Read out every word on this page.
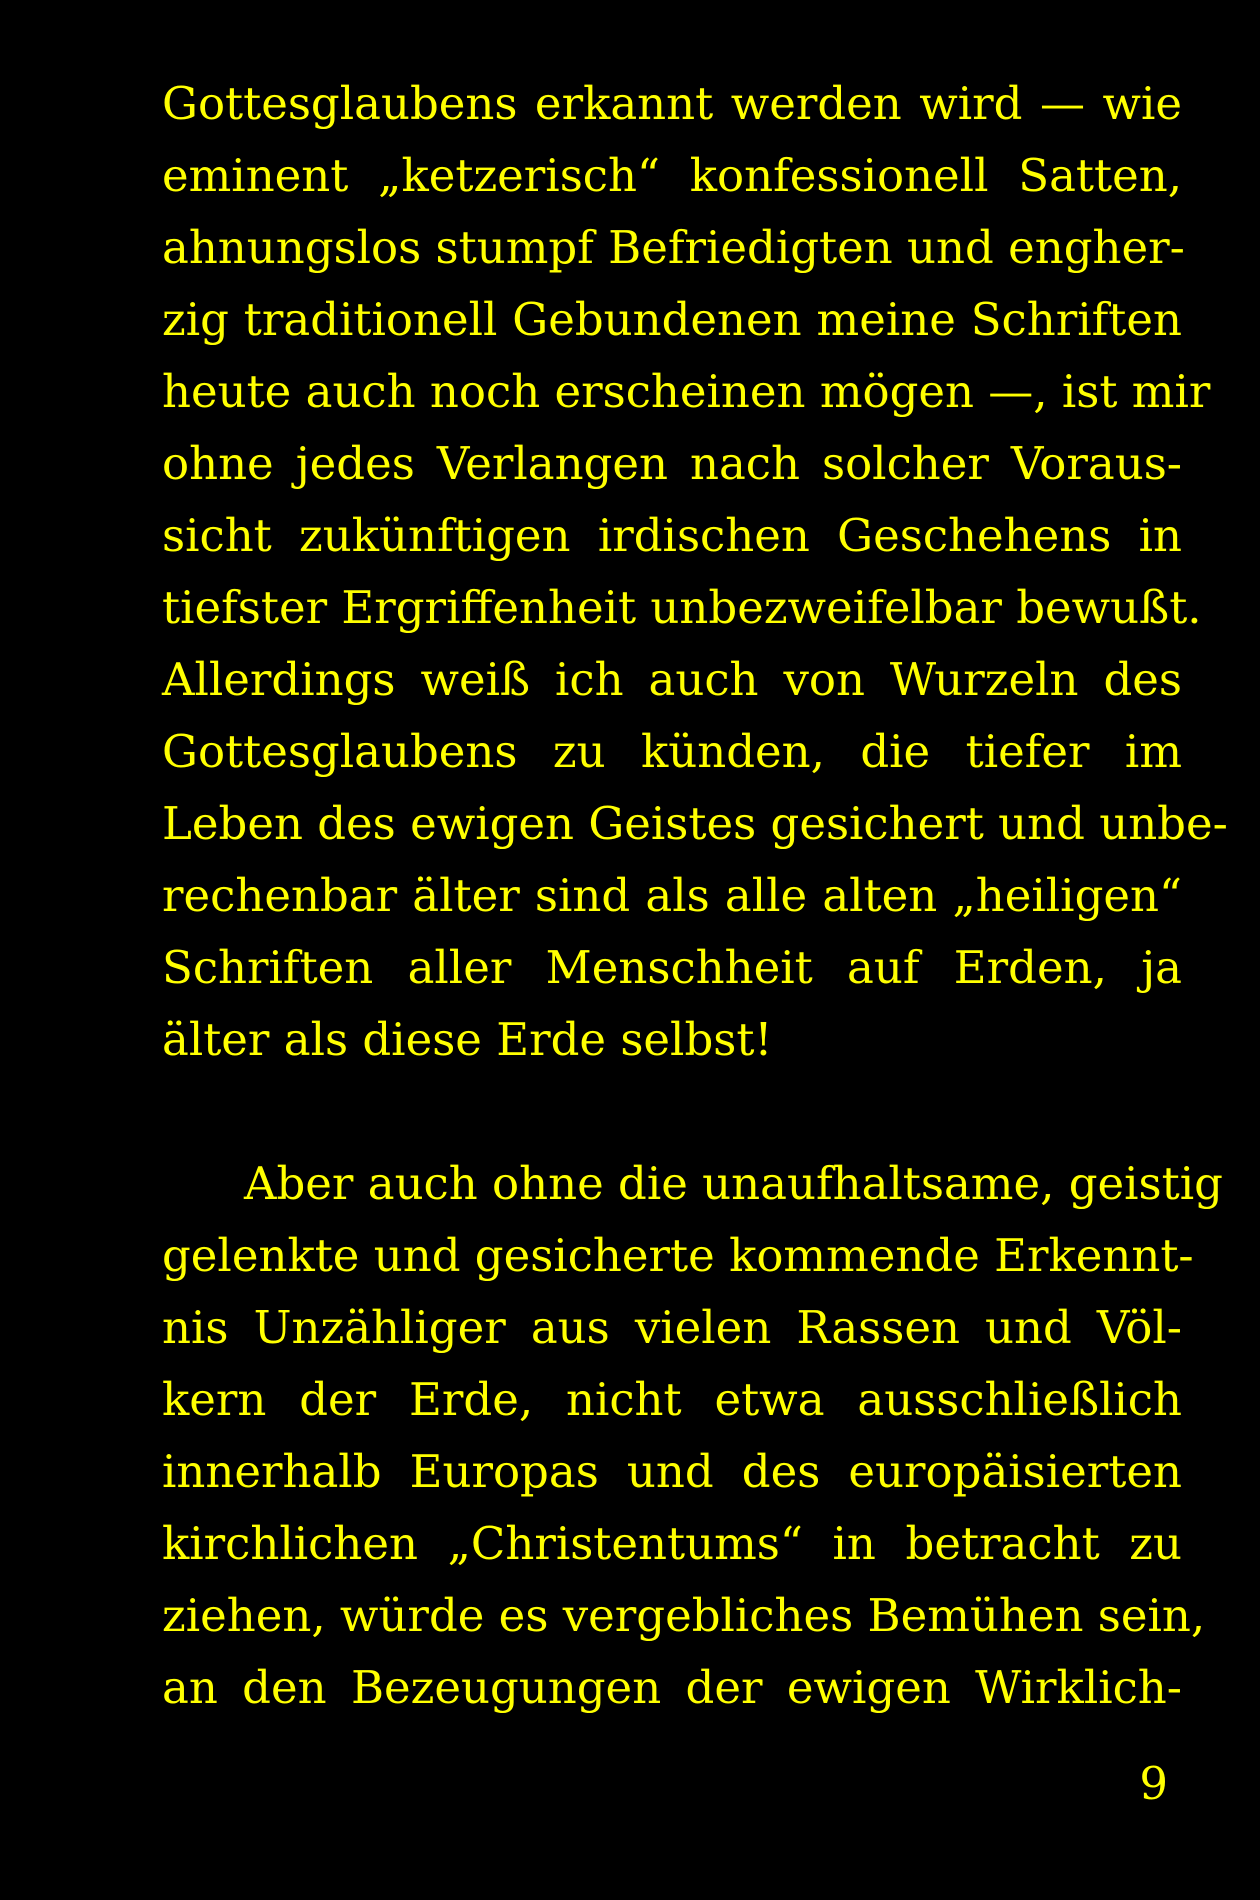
Gottesglaubens erkannt werden wird — wie
eminent „ketzerisch“ konfessionell Satten,
ahnungslos stumpf Befriedigten und engher-
zig traditionell Gebundenen meine Schriften
heute auch noch erscheinen mögen —, ist mir
ohne jedes Verlangen nach solcher Voraus-
sicht zukünftigen irdischen Geschehens in
tiefster Ergriffenheit unbezweifelbar bewußt.
Allerdings weiß ich auch von Wurzeln des
Gottesglaubens zu künden, die tiefer im
Leben des ewigen Geistes gesichert und unbe-
rechenbar älter sind als alle alten „heiligen“
Schriften aller Menschheit auf Erden, ja
älter als diese Erde selbst!

Aber auch ohne die unaufhaltsame, geistig
gelenkte und gesicherte kommende Erkennt-
nis Unzähliger aus vielen Rassen und Völ-
kern der Erde, nicht etwa ausschließlich
innerhalb Europas und des europäisierten
kirchlichen „Christentums“ in betracht zu
ziehen, würde es vergebliches Bemühen sein,
an den Bezeugungen der ewigen Wirklich-

9
